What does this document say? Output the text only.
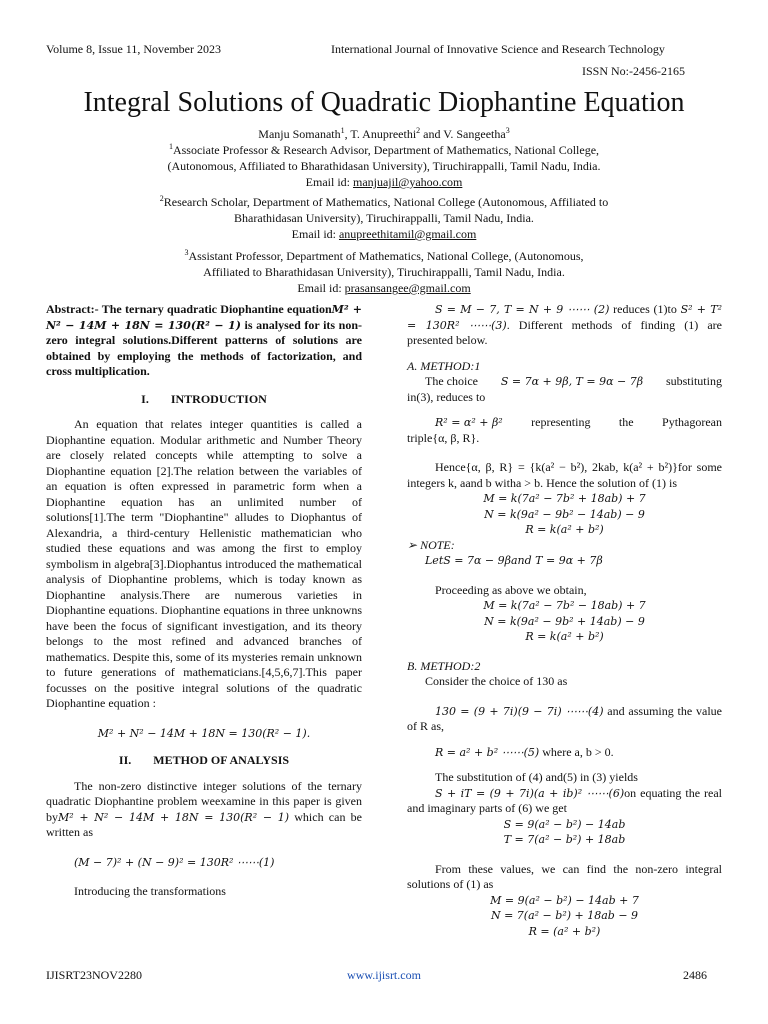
Volume 8, Issue 11, November 2023	International Journal of Innovative Science and Research Technology
ISSN No:-2456-2165
Integral Solutions of Quadratic Diophantine Equation
Manju Somanath$^1$, T. Anupreethi$^2$ and V. Sangeetha$^3$
$^1$Associate Professor & Research Advisor, Department of Mathematics, National College,
(Autonomous, Affiliated to Bharathidasan University), Tiruchirappalli, Tamil Nadu, India.
Email id: manjuajil@yahoo.com
$^2$Research Scholar, Department of Mathematics, National College (Autonomous, Affiliated to
Bharathidasan University), Tiruchirappalli, Tamil Nadu, India.
Email id: anupreethitamil@gmail.com
$^3$Assistant Professor, Department of Mathematics, National College, (Autonomous,
Affiliated to Bharathidasan University), Tiruchirappalli, Tamil Nadu, India.
Email id: prasansangee@gmail.com

Abstract:- The ternary quadratic Diophantine equationM² + N² − 14M + 18N = 130(R² − 1) is analysed for its non-zero integral solutions.Different patterns of solutions are obtained by employing the methods of factorization, and cross multiplication.

I. INTRODUCTION

An equation that relates integer quantities is called a Diophantine equation. Modular arithmetic and Number Theory are closely related concepts while attempting to solve a Diophantine equation [2].The relation between the variables of an equation is often expressed in parametric form when a Diophantine equation has an unlimited number of solutions[1].The term "Diophantine" alludes to Diophantus of Alexandria, a third-century Hellenistic mathematician who studied these equations and was among the first to employ symbolism in algebra[3].Diophantus introduced the mathematical analysis of Diophantine problems, which is today known as Diophantine analysis.There are numerous varieties in Diophantine equations. Diophantine equations in three unknowns have been the focus of significant investigation, and its theory belongs to the most refined and advanced branches of mathematics. Despite this, some of its mysteries remain unknown to future generations of mathematicians.[4,5,6,7].This paper focusses on the positive integral solutions of the quadratic Diophantine equation :

M² + N² − 14M + 18N = 130(R² − 1).

II. METHOD OF ANALYSIS

The non-zero distinctive integer solutions of the ternary quadratic Diophantine problem weexamine in this paper is given byM² + N² − 14M + 18N = 130(R² − 1) which can be written as

(M − 7)² + (N − 9)² = 130R² ⋯⋯(1)

Introducing the transformations

S = M − 7, T = N + 9 ⋯⋯ (2) reduces (1)to S² + T² = 130R² ⋯⋯(3). Different methods of finding (1) are presented below.

A. METHOD:1

The choice S = 7α + 9β, T = 9α − 7β substituting

in(3), reduces to

R² = α² + β² representing the Pythagorean

triple{α, β, R}.

Hence{α, β, R} = {k(a² − b²), 2kab, k(a² + b²)}for some integers k, aand b witha > b. Hence the solution of (1) is

M = k(7a² − 7b² + 18ab) + 7

N = k(9a² − 9b² − 14ab) − 9

R = k(a² + b²)

➢ NOTE:

LetS = 7α − 9βand T = 9α + 7β

Proceeding as above we obtain,

M = k(7a² − 7b² − 18ab) + 7

N = k(9a² − 9b² + 14ab) − 9

R = k(a² + b²)

B. METHOD:2

Consider the choice of 130 as

130 = (9 + 7i)(9 − 7i) ⋯⋯(4) and assuming the value of R as,

R = a² + b² ⋯⋯(5) where a, b > 0.

The substitution of (4) and(5) in (3) yields

S + iT = (9 + 7i)(a + ib)² ⋯⋯(6)on equating the real and imaginary parts of (6) we get

S = 9(a² − b²) − 14ab

T = 7(a² − b²) + 18ab

From these values, we can find the non-zero integral solutions of (1) as

M = 9(a² − b²) − 14ab + 7

N = 7(a² − b²) + 18ab − 9

R = (a² + b²)

IJISRT23NOV2280	www.ijisrt.com	2486
